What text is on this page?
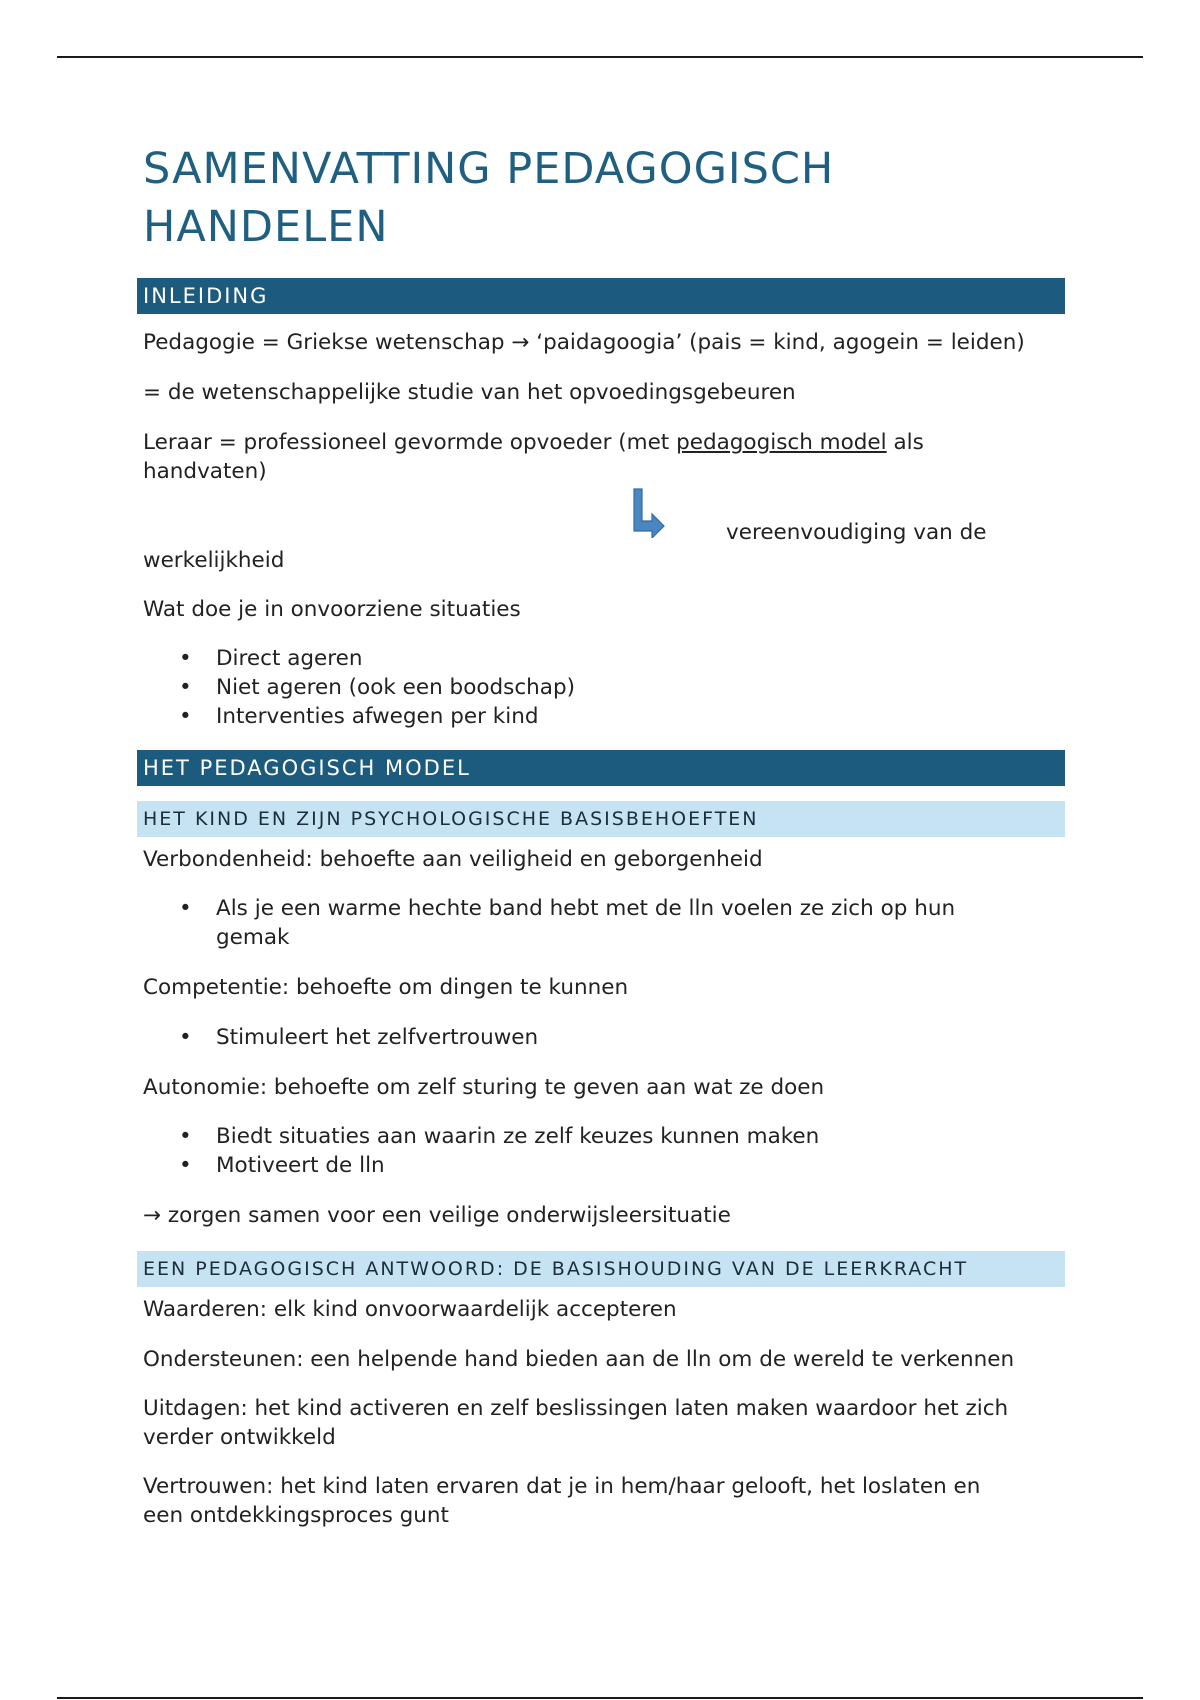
SAMENVATTING PEDAGOGISCH
HANDELEN
INLEIDING

Pedagogie = Griekse wetenschap → ‘paidagoogia’ (pais = kind, agogein = leiden)

= de wetenschappelijke studie van het opvoedingsgebeuren

Leraar = professioneel gevormde opvoeder (met pedagogisch model als
handvaten)

vereenvoudiging van de

werkelijkheid

Wat doe je in onvoorziene situaties

• Direct ageren
• Niet ageren (ook een boodschap)
• Interventies afwegen per kind
HET PEDAGOGISCH MODEL
HET KIND EN ZIJN PSYCHOLOGISCHE BASISBEHOEFTEN

Verbondenheid: behoefte aan veiligheid en geborgenheid

• Als je een warme hechte band hebt met de lln voelen ze zich op hun
gemak

Competentie: behoefte om dingen te kunnen

• Stimuleert het zelfvertrouwen

Autonomie: behoefte om zelf sturing te geven aan wat ze doen

• Biedt situaties aan waarin ze zelf keuzes kunnen maken
• Motiveert de lln

→ zorgen samen voor een veilige onderwijsleersituatie

EEN PEDAGOGISCH ANTWOORD: DE BASISHOUDING VAN DE LEERKRACHT

Waarderen: elk kind onvoorwaardelijk accepteren

Ondersteunen: een helpende hand bieden aan de lln om de wereld te verkennen

Uitdagen: het kind activeren en zelf beslissingen laten maken waardoor het zich
verder ontwikkeld

Vertrouwen: het kind laten ervaren dat je in hem/haar gelooft, het loslaten en
een ontdekkingsproces gunt
